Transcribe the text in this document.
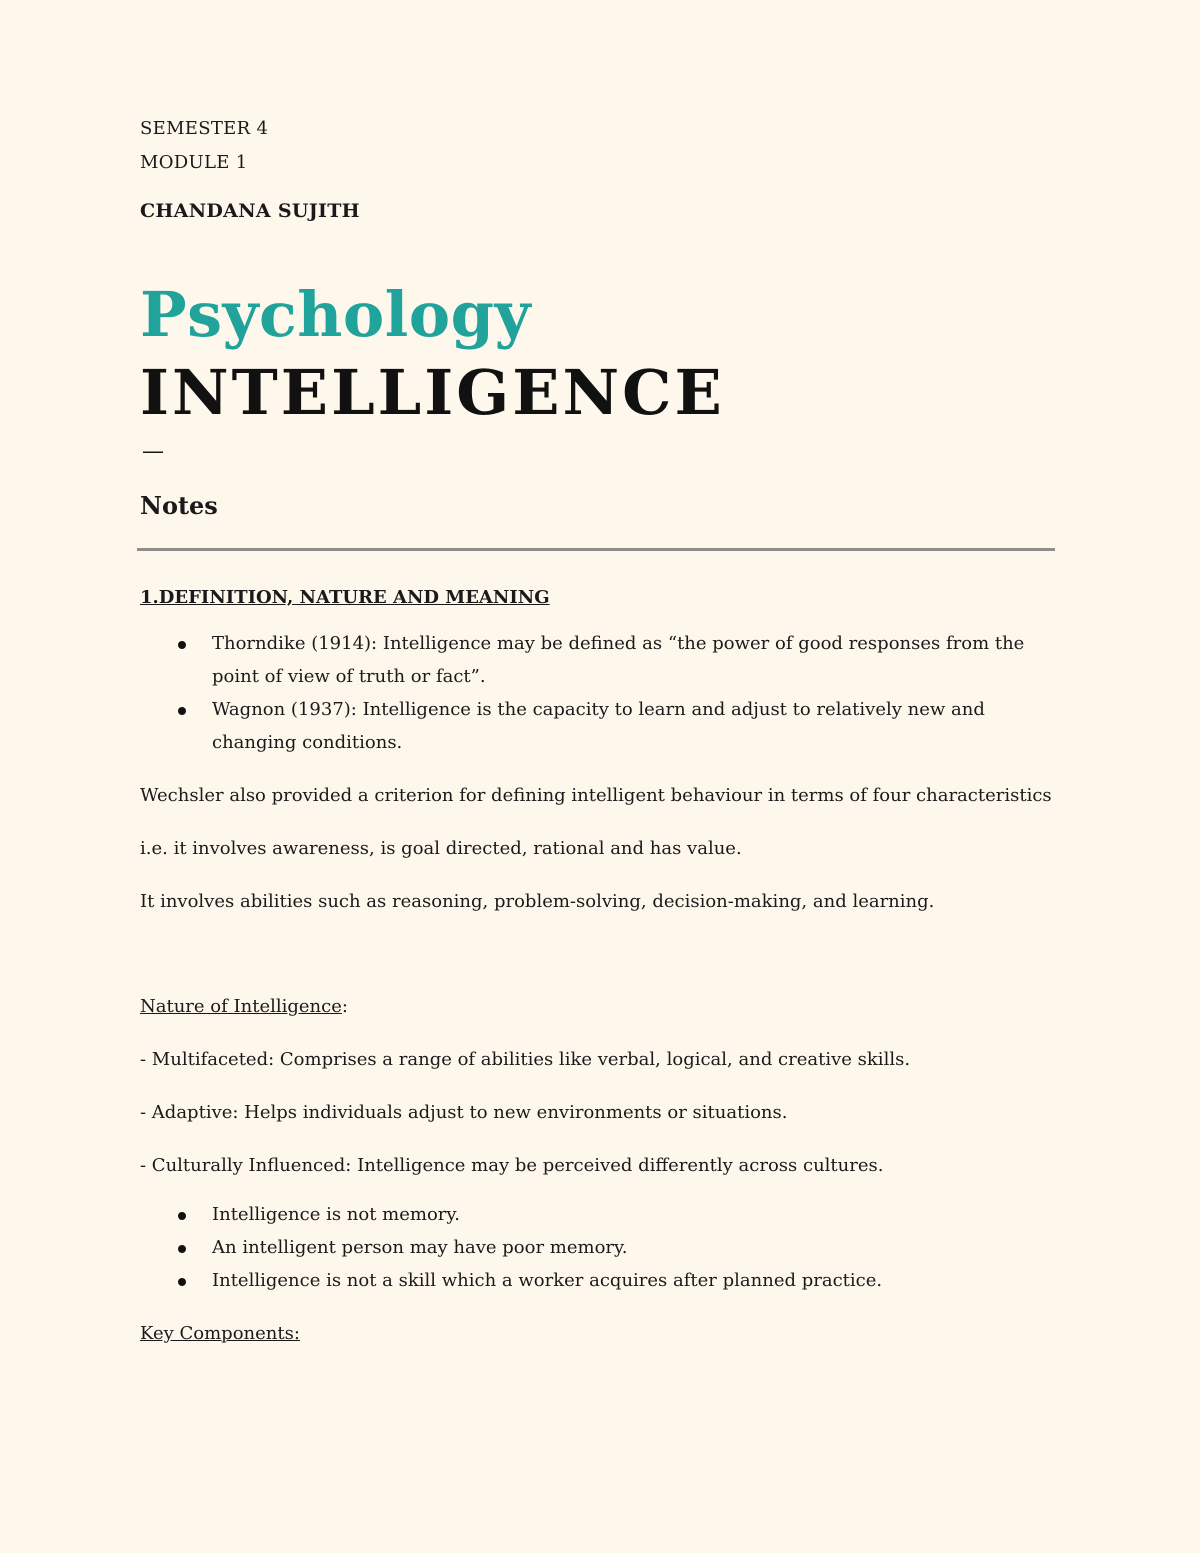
SEMESTER 4

MODULE 1

CHANDANA SUJITH

Psychology
INTELLIGENCE
—
Notes
1.DEFINITION, NATURE AND MEANING
Thorndike (1914): Intelligence may be defined as “the power of good responses from the point of view of truth or fact”.
Wagnon (1937): Intelligence is the capacity to learn and adjust to relatively new and changing conditions.

Wechsler also provided a criterion for defining intelligent behaviour in terms of four characteristics

i.e. it involves awareness, is goal directed, rational and has value.

It involves abilities such as reasoning, problem-solving, decision-making, and learning.

Nature of Intelligence:

- Multifaceted: Comprises a range of abilities like verbal, logical, and creative skills.

- Adaptive: Helps individuals adjust to new environments or situations.

- Culturally Influenced: Intelligence may be perceived differently across cultures.

Intelligence is not memory.
An intelligent person may have poor memory.
Intelligence is not a skill which a worker acquires after planned practice.

Key Components:
